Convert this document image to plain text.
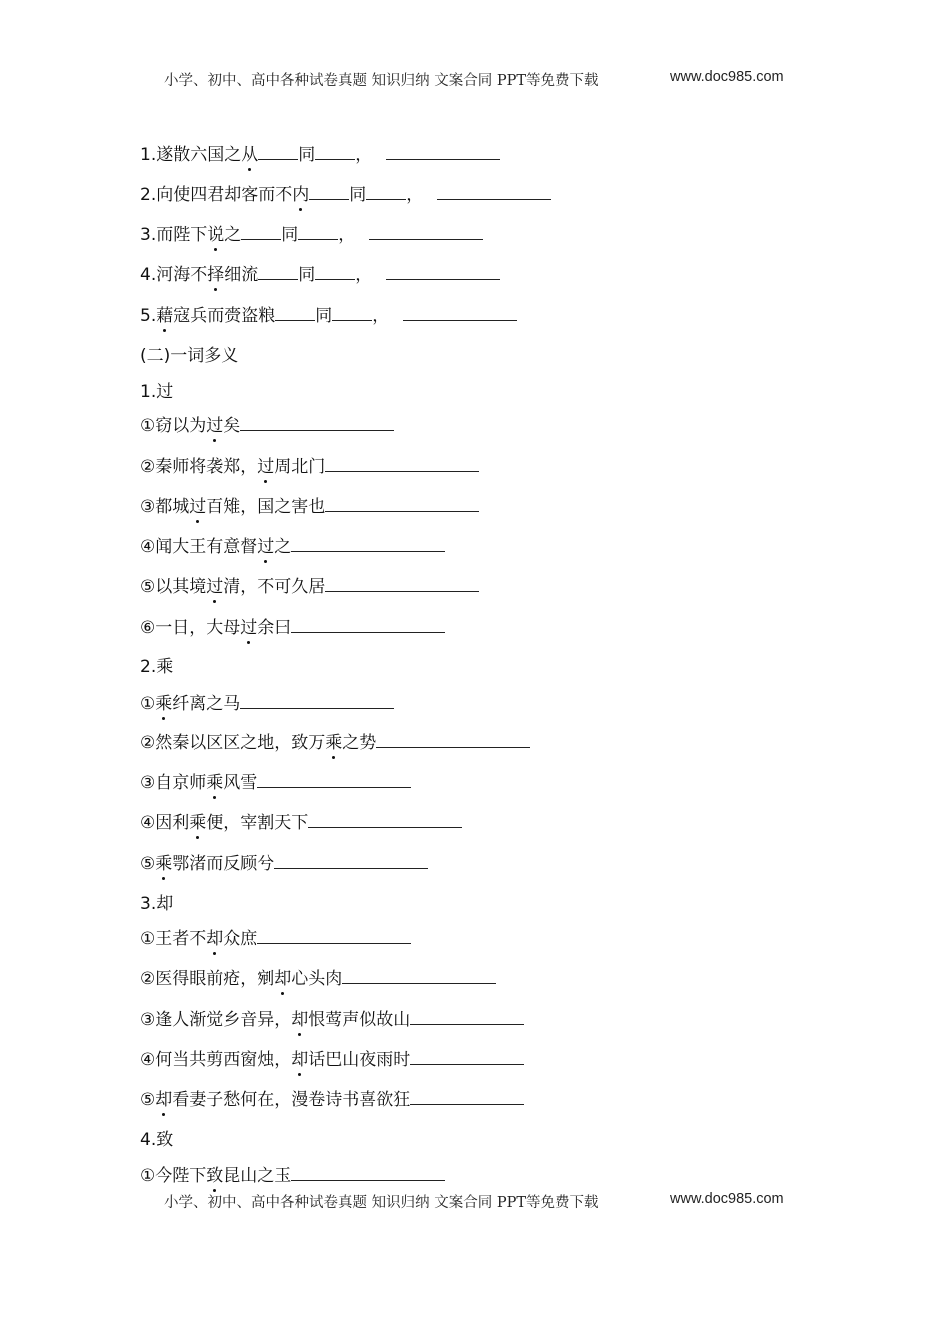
小学、初中、高中各种试卷真题 知识归纳 文案合同 PPT等免费下载	www.doc985.com
1.遂散六国之从 同 ，
2.向使四君却客而不内 同 ，
3.而陛下说之 同 ，
4.河海不择细流 同 ，
5.藉寇兵而赍盗粮 同 ，
(二)一词多义
1.过
①窃以为过矣
②秦师将袭郑，过周北门
③都城过百雉，国之害也
④闻大王有意督过之
⑤以其境过清，不可久居
⑥一日，大母过余曰
2.乘
①乘纤离之马
②然秦以区区之地，致万乘之势
③自京师乘风雪
④因利乘便，宰割天下
⑤乘鄂渚而反顾兮
3.却
①王者不却众庶
②医得眼前疮，剜却心头肉
③逢人渐觉乡音异，却恨莺声似故山
④何当共剪西窗烛，却话巴山夜雨时
⑤却看妻子愁何在，漫卷诗书喜欲狂
4.致
①今陛下致昆山之玉
小学、初中、高中各种试卷真题 知识归纳 文案合同 PPT等免费下载	www.doc985.com
